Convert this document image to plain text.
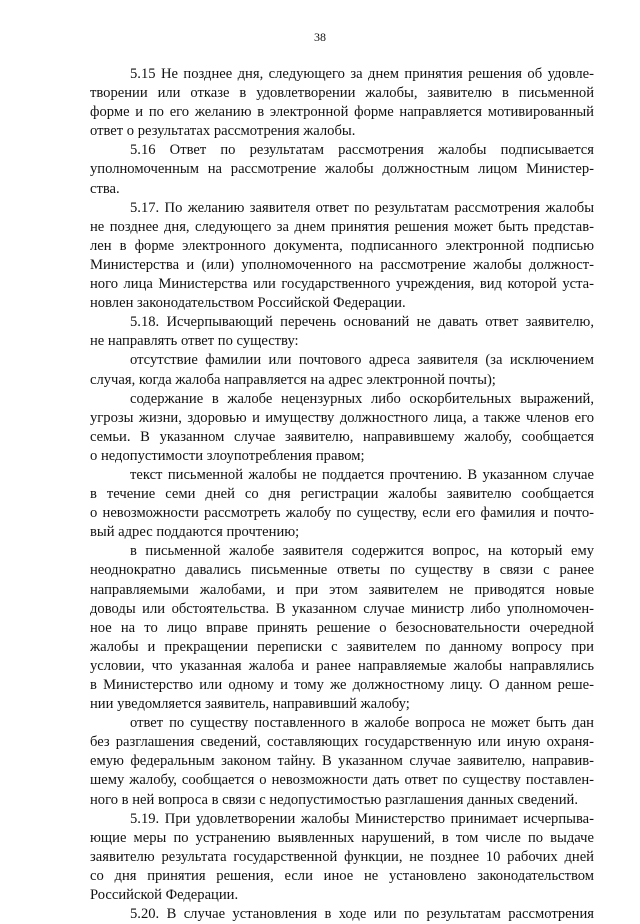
38
5.15 Не позднее дня, следующего за днем принятия решения об удовле-
творении или отказе в удовлетворении жалобы, заявителю в письменной
форме и по его желанию в электронной форме направляется мотивированный
ответ о результатах рассмотрения жалобы.
5.16 Ответ по результатам рассмотрения жалобы подписывается
уполномоченным на рассмотрение жалобы должностным лицом Министер-
ства.
5.17. По желанию заявителя ответ по результатам рассмотрения жалобы
не позднее дня, следующего за днем принятия решения может быть представ-
лен в форме электронного документа, подписанного электронной подписью
Министерства и (или) уполномоченного на рассмотрение жалобы должност-
ного лица Министерства или государственного учреждения, вид которой уста-
новлен законодательством Российской Федерации.
5.18. Исчерпывающий перечень оснований не давать ответ заявителю,
не направлять ответ по существу:
отсутствие фамилии или почтового адреса заявителя (за исключением
случая, когда жалоба направляется на адрес электронной почты);
содержание в жалобе нецензурных либо оскорбительных выражений,
угрозы жизни, здоровью и имуществу должностного лица, а также членов его
семьи. В указанном случае заявителю, направившему жалобу, сообщается
о недопустимости злоупотребления правом;
текст письменной жалобы не поддается прочтению. В указанном случае
в течение семи дней со дня регистрации жалобы заявителю сообщается
о невозможности рассмотреть жалобу по существу, если его фамилия и почто-
вый адрес поддаются прочтению;
в письменной жалобе заявителя содержится вопрос, на который ему
неоднократно давались письменные ответы по существу в связи с ранее
направляемыми жалобами, и при этом заявителем не приводятся новые
доводы или обстоятельства. В указанном случае министр либо уполномочен-
ное на то лицо вправе принять решение о безосновательности очередной
жалобы и прекращении переписки с заявителем по данному вопросу при
условии, что указанная жалоба и ранее направляемые жалобы направлялись
в Министерство или одному и тому же должностному лицу. О данном реше-
нии уведомляется заявитель, направивший жалобу;
ответ по существу поставленного в жалобе вопроса не может быть дан
без разглашения сведений, составляющих государственную или иную охраня-
емую федеральным законом тайну. В указанном случае заявителю, направив-
шему жалобу, сообщается о невозможности дать ответ по существу поставлен-
ного в ней вопроса в связи с недопустимостью разглашения данных сведений.
5.19. При удовлетворении жалобы Министерство принимает исчерпыва-
ющие меры по устранению выявленных нарушений, в том числе по выдаче
заявителю результата государственной функции, не позднее 10 рабочих дней
со дня принятия решения, если иное не установлено законодательством
Российской Федерации.
5.20. В случае установления в ходе или по результатам рассмотрения
